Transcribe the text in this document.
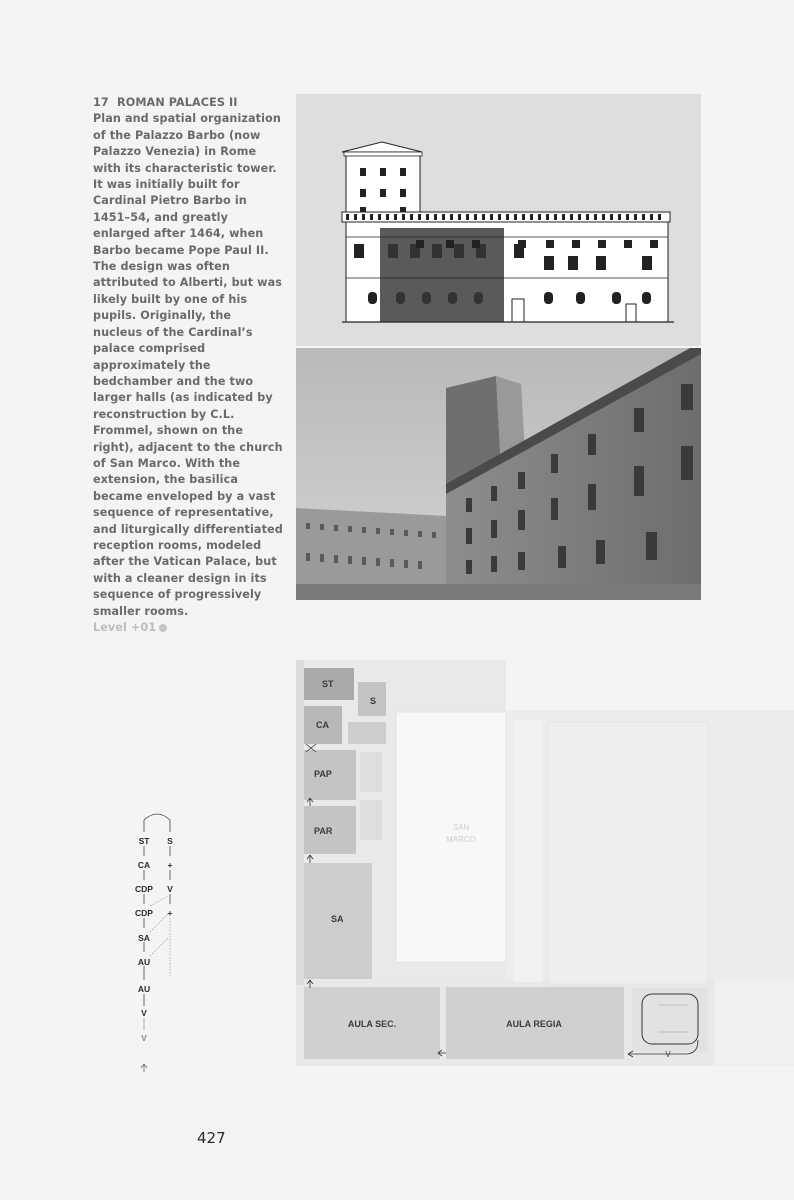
17 ROMAN PALACES II
Plan and spatial organization of the Palazzo Barbo (now Palazzo Venezia) in Rome with its characteristic tower. It was initially built for Cardinal Pietro Barbo in 1451–54, and greatly enlarged after 1464, when Barbo became Pope Paul II. The design was often attributed to Alberti, but was likely built by one of his pupils. Originally, the nucleus of the Cardinal’s palace comprised approximately the bedchamber and the two larger halls (as indicated by reconstruction by C.L. Frommel, shown on the right), adjacent to the church of San Marco. With the extension, the basilica became enveloped by a vast sequence of representative, and liturgically differentiated reception rooms, modeled after the Vatican Palace, but with a cleaner design in its sequence of progressively smaller rooms.
Level +01
SAN
MARCO
ST
S
CA
PAP
PAR
SA
AULA SEC.	AULA REGIA
V
ST
CA
CDP
CDP
SA
AU
AU
V
V
S
+
V
+
427
